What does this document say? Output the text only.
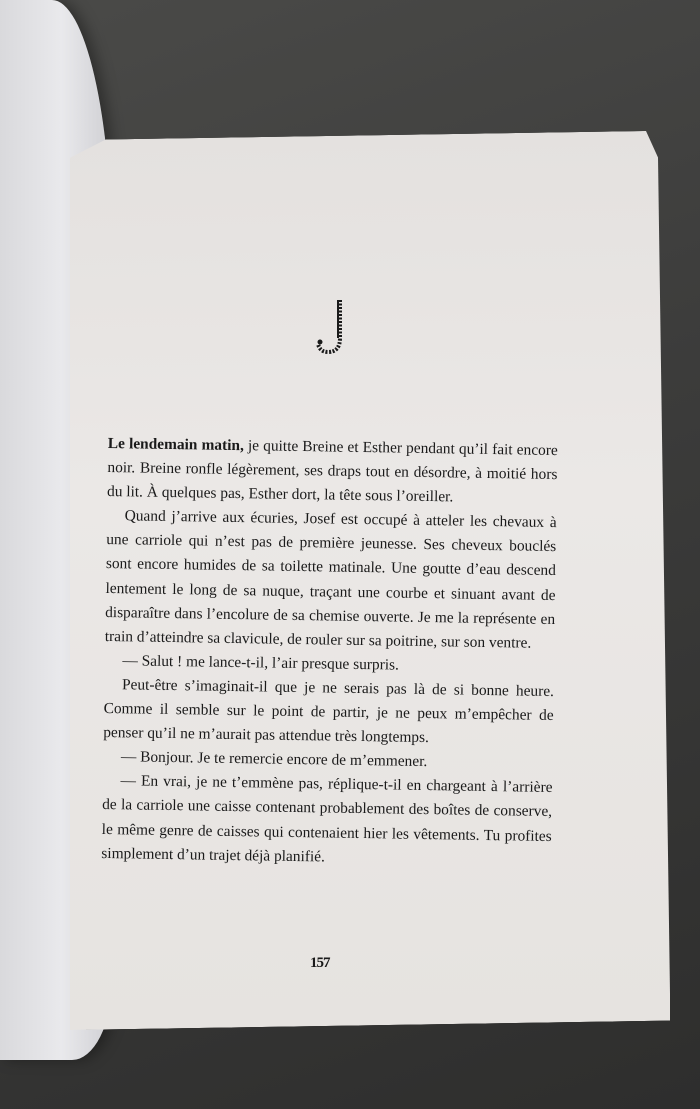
Le lendemain matin, je quitte Breine et Esther pendant qu’il fait encore noir. Breine ronfle légèrement, ses draps tout en désordre, à moitié hors du lit. À quelques pas, Esther dort, la tête sous l’oreiller.

Quand j’arrive aux écuries, Josef est occupé à atteler les chevaux à une carriole qui n’est pas de première jeunesse. Ses cheveux bouclés sont encore humides de sa toilette matinale. Une goutte d’eau descend lentement le long de sa nuque, traçant une courbe et sinuant avant de disparaître dans l’encolure de sa chemise ouverte. Je me la représente en train d’atteindre sa clavicule, de rouler sur sa poitrine, sur son ventre.

— Salut ! me lance-t-il, l’air presque surpris.

Peut-être s’imaginait-il que je ne serais pas là de si bonne heure. Comme il semble sur le point de partir, je ne peux m’empêcher de penser qu’il ne m’aurait pas attendue très longtemps.

— Bonjour. Je te remercie encore de m’emmener.

— En vrai, je ne t’emmène pas, réplique-t-il en chargeant à l’arrière de la carriole une caisse contenant probablement des boîtes de conserve, le même genre de caisses qui contenaient hier les vêtements. Tu profites simplement d’un trajet déjà planifié.

157
